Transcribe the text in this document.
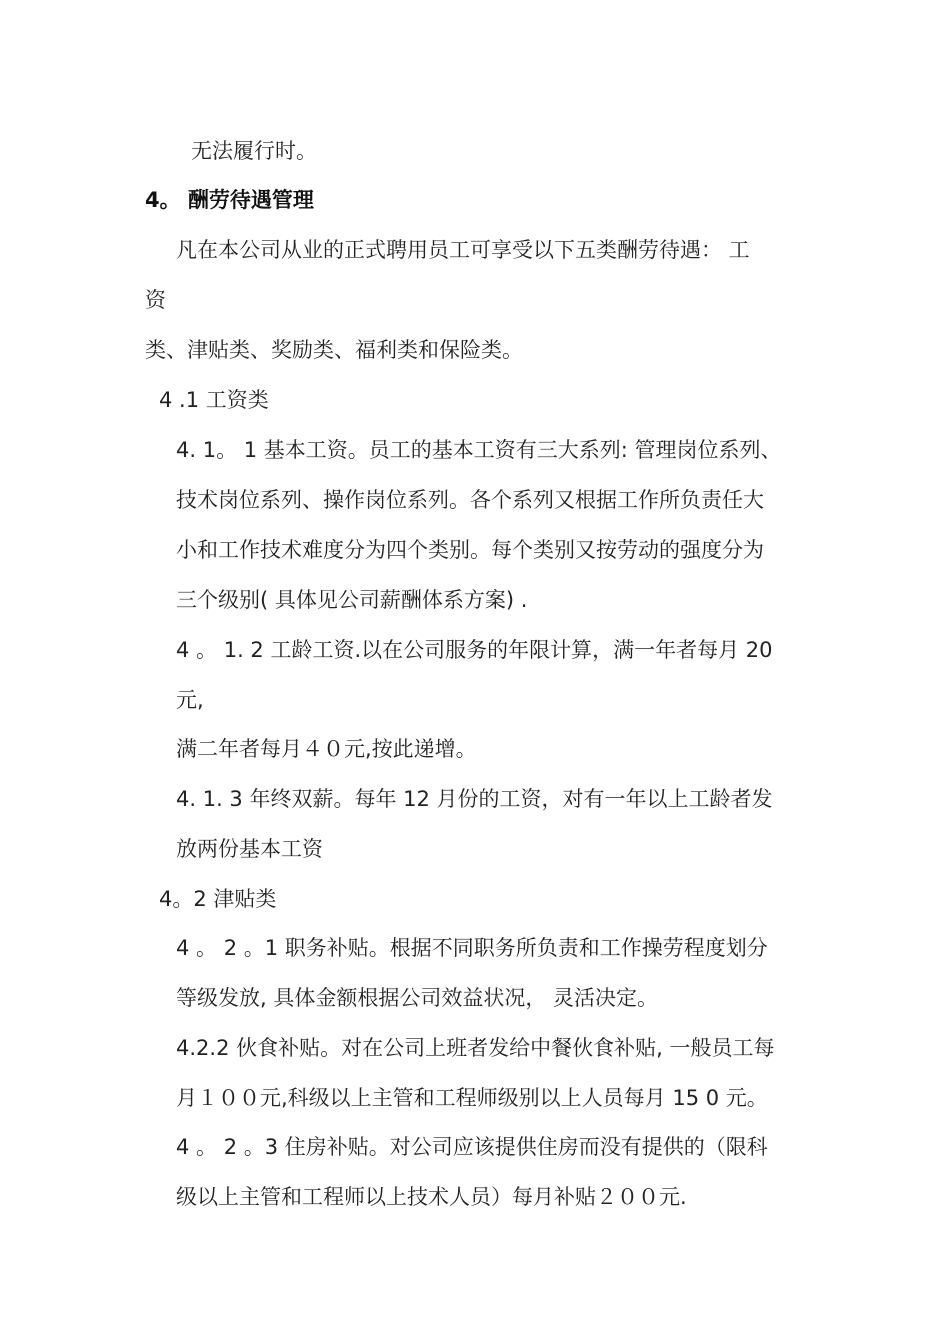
无法履行时。

4。 酬劳待遇管理

凡在本公司从业的正式聘用员工可享受以下五类酬劳待遇： 工

资

类、津贴类、奖励类、福利类和保险类。

4 .1 工资类

4. 1。 1 基本工资。员工的基本工资有三大系列: 管理岗位系列、

技术岗位系列、操作岗位系列。各个系列又根据工作所负责任大

小和工作技术难度分为四个类别。每个类别又按劳动的强度分为

三个级别( 具体见公司薪酬体系方案) .

4 。 1. 2 工龄工资.以在公司服务的年限计算，满一年者每月 20

元,

满二年者每月４０元,按此递增。

4. 1. 3 年终双薪。每年 12 月份的工资，对有一年以上工龄者发

放两份基本工资

4。2 津贴类

4 。 2 。1 职务补贴。根据不同职务所负责和工作操劳程度划分

等级发放, 具体金额根据公司效益状况， 灵活决定。

4.2.2 伙食补贴。对在公司上班者发给中餐伙食补贴, 一般员工每

月１００元,科级以上主管和工程师级别以上人员每月 15 0 元。

4 。 2 。3 住房补贴。对公司应该提供住房而没有提供的（限科

级以上主管和工程师以上技术人员）每月补贴２００元.
